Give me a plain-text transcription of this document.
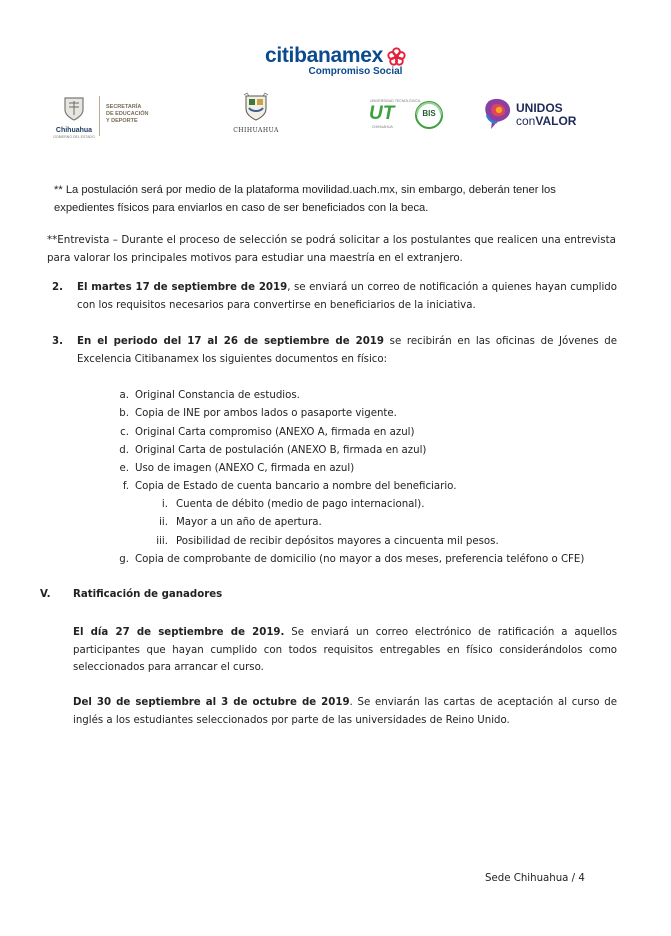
citibanamex
Compromiso Social
Chihuahua
GOBIERNO DEL ESTADO
SECRETARÍA
DE EDUCACIÓN
Y DEPORTE
CHIHUAHUA
UNIVERSIDAD TECNOLÓGICA
UT
CHIHUAHUA
BIS	UNIDOS
conVALOR
** La postulación será por medio de la plataforma movilidad.uach.mx, sin embargo, deberán tener los expedientes físicos para enviarlos en caso de ser beneficiados con la beca.
**Entrevista – Durante el proceso de selección se podrá solicitar a los postulantes que realicen una entrevista para valorar los principales motivos para estudiar una maestría en el extranjero.
2. El martes 17 de septiembre de 2019, se enviará un correo de notificación a quienes hayan cumplido con los requisitos necesarios para convertirse en beneficiarios de la iniciativa.
3. En el periodo del 17 al 26 de septiembre de 2019 se recibirán en las oficinas de Jóvenes de Excelencia Citibanamex los siguientes documentos en físico:
a. Original Constancia de estudios.
b. Copia de INE por ambos lados o pasaporte vigente.
c. Original Carta compromiso (ANEXO A, firmada en azul)
d. Original Carta de postulación (ANEXO B, firmada en azul)
e. Uso de imagen (ANEXO C, firmada en azul)
f. Copia de Estado de cuenta bancario a nombre del beneficiario.
i. Cuenta de débito (medio de pago internacional).
ii. Mayor a un año de apertura.
iii. Posibilidad de recibir depósitos mayores a cincuenta mil pesos.
g. Copia de comprobante de domicilio (no mayor a dos meses, preferencia teléfono o CFE)
V. Ratificación de ganadores
El día 27 de septiembre de 2019. Se enviará un correo electrónico de ratificación a aquellos participantes que hayan cumplido con todos requisitos entregables en físico considerándolos como seleccionados para arrancar el curso.
Del 30 de septiembre al 3 de octubre de 2019. Se enviarán las cartas de aceptación al curso de inglés a los estudiantes seleccionados por parte de las universidades de Reino Unido.
Sede Chihuahua / 4
